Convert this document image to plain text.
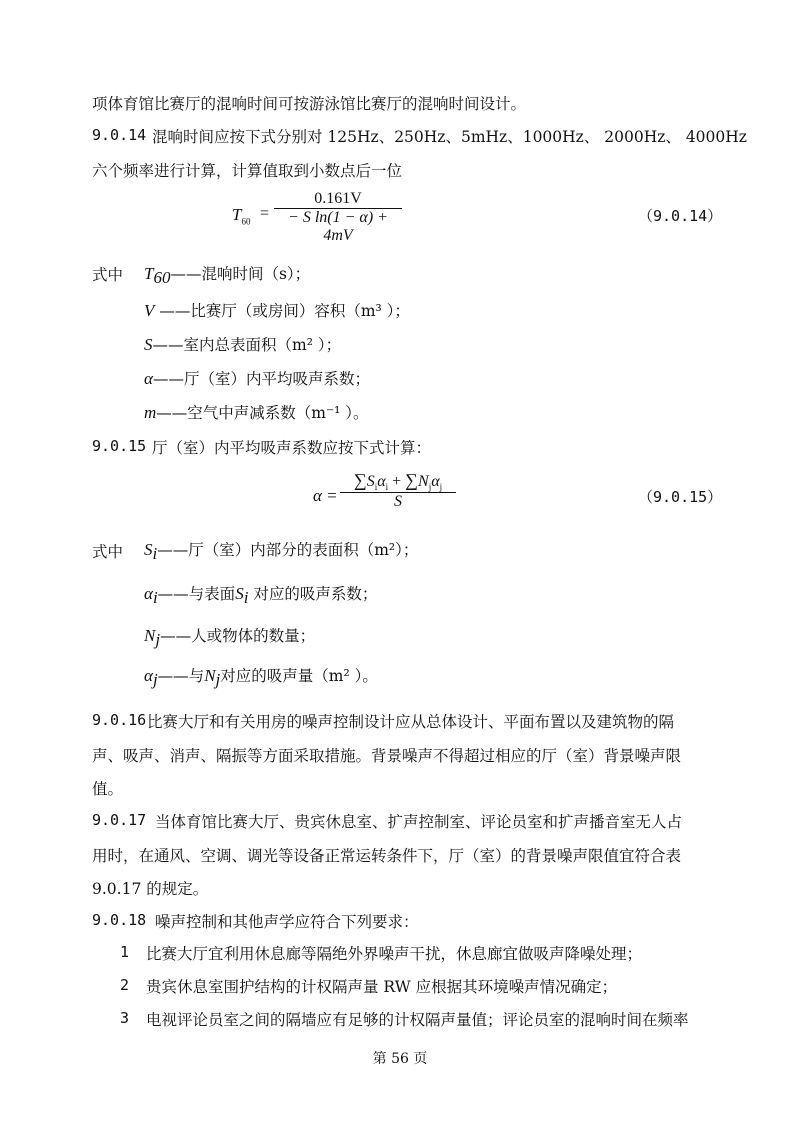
项体育馆比赛厅的混响时间可按游泳馆比赛厅的混响时间设计。
9.0.14 混响时间应按下式分别对 125Hz、250Hz、5mHz、1000Hz、 2000Hz、 4000Hz
六个频率进行计算，计算值取到小数点后一位
$T_{60}$ =
0.161V
− S ln(1 − α) + 4mV
（9.0.14）
式中 $T_{60}——$混响时间（s）；
V ——比赛厅（或房间）容积（m³ ）；
S——室内总表面积（m² ）；
α——厅（室）内平均吸声系数；
m——空气中声减系数（m⁻¹ ）。
9.0.15 厅（室）内平均吸声系数应按下式计算：
α =
$\sum S_i\alpha_i + \sum N_j\alpha_j$
S	（9.0.15）
式中 $S_i——$厅（室）内部分的表面积（m²）；
$\alpha_i——$与表面$S_i$ 对应的吸声系数；
$N_j——$人或物体的数量；
$\alpha_j——$与$N_j$对应的吸声量（m² ）。
9.0.16 比赛大厅和有关用房的噪声控制设计应从总体设计、平面布置以及建筑物的隔
声、吸声、消声、隔振等方面采取措施。背景噪声不得超过相应的厅（室）背景噪声限
值。
9.0.17 当体育馆比赛大厅、贵宾休息室、扩声控制室、评论员室和扩声播音室无人占
用时，在通风、空调、调光等设备正常运转条件下，厅（室）的背景噪声限值宜符合表
9.0.17 的规定。
9.0.18 噪声控制和其他声学应符合下列要求：
1 比赛大厅宜利用休息廊等隔绝外界噪声干扰，休息廊宜做吸声降噪处理；
2 贵宾休息室围护结构的计权隔声量 RW 应根据其环境噪声情况确定；
3 电视评论员室之间的隔墙应有足够的计权隔声量值；评论员室的混响时间在频率
第 56 页
